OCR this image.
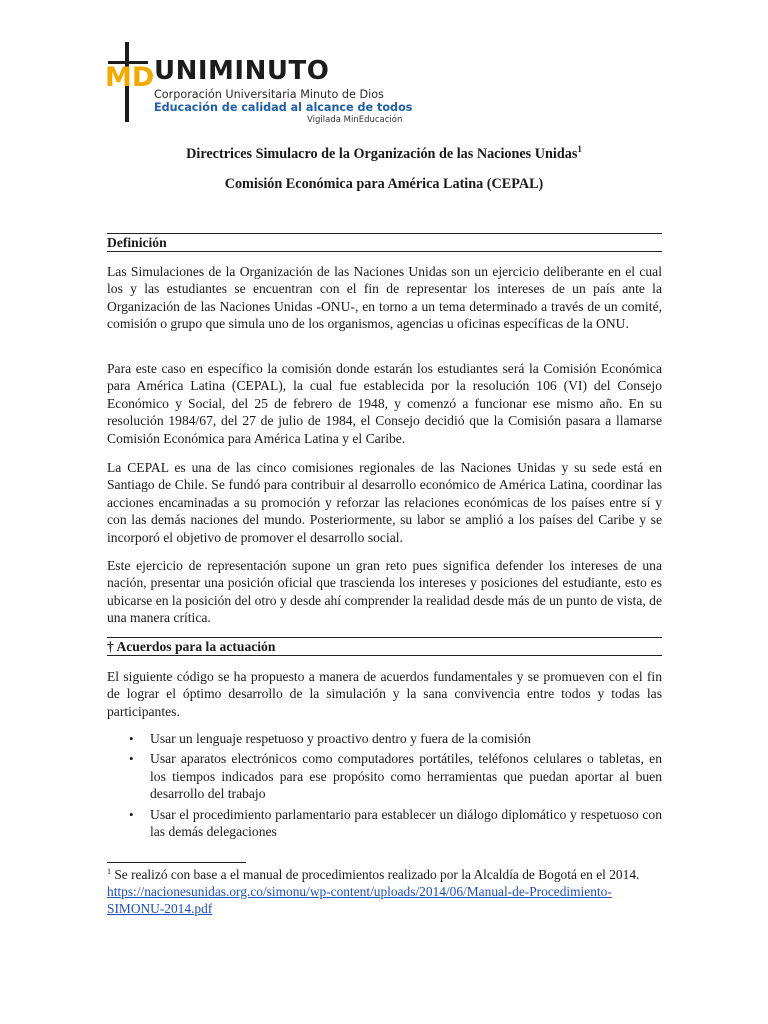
MD UNIMINUTO
Corporación Universitaria Minuto de Dios
Educación de calidad al alcance de todos
Vigilada MinEducación
Directrices Simulacro de la Organización de las Naciones Unidas$^1$
Comisión Económica para América Latina (CEPAL)
Definición

Las Simulaciones de la Organización de las Naciones Unidas son un ejercicio deliberante en el cual los y las estudiantes se encuentran con el fin de representar los intereses de un país ante la Organización de las Naciones Unidas -ONU-, en torno a un tema determinado a través de un comité, comisión o grupo que simula uno de los organismos, agencias u oficinas específicas de la ONU.

Para este caso en específico la comisión donde estarán los estudiantes será la Comisión Económica para América Latina (CEPAL), la cual fue establecida por la resolución 106 (VI) del Consejo Económico y Social, del 25 de febrero de 1948, y comenzó a funcionar ese mismo año. En su resolución 1984/67, del 27 de julio de 1984, el Consejo decidió que la Comisión pasara a llamarse Comisión Económica para América Latina y el Caribe.

La CEPAL es una de las cinco comisiones regionales de las Naciones Unidas y su sede está en Santiago de Chile. Se fundó para contribuir al desarrollo económico de América Latina, coordinar las acciones encaminadas a su promoción y reforzar las relaciones económicas de los países entre sí y con las demás naciones del mundo. Posteriormente, su labor se amplió a los países del Caribe y se incorporó el objetivo de promover el desarrollo social.

Este ejercicio de representación supone un gran reto pues significa defender los intereses de una nación, presentar una posición oficial que trascienda los intereses y posiciones del estudiante, esto es ubicarse en la posición del otro y desde ahí comprender la realidad desde más de un punto de vista, de una manera crítica.

† Acuerdos para la actuación

El siguiente código se ha propuesto a manera de acuerdos fundamentales y se promueven con el fin de lograr el óptimo desarrollo de la simulación y la sana convivencia entre todos y todas las participantes.

• Usar un lenguaje respetuoso y proactivo dentro y fuera de la comisión
• Usar aparatos electrónicos como computadores portátiles, teléfonos celulares o tabletas, en los tiempos indicados para ese propósito como herramientas que puedan aportar al buen desarrollo del trabajo
• Usar el procedimiento parlamentario para establecer un diálogo diplomático y respetuoso con las demás delegaciones
$^1$ Se realizó con base a el manual de procedimientos realizado por la Alcaldía de Bogotá en el 2014.
https://nacionesunidas.org.co/simonu/wp-content/uploads/2014/06/Manual-de-Procedimiento-SIMONU-2014.pdf
